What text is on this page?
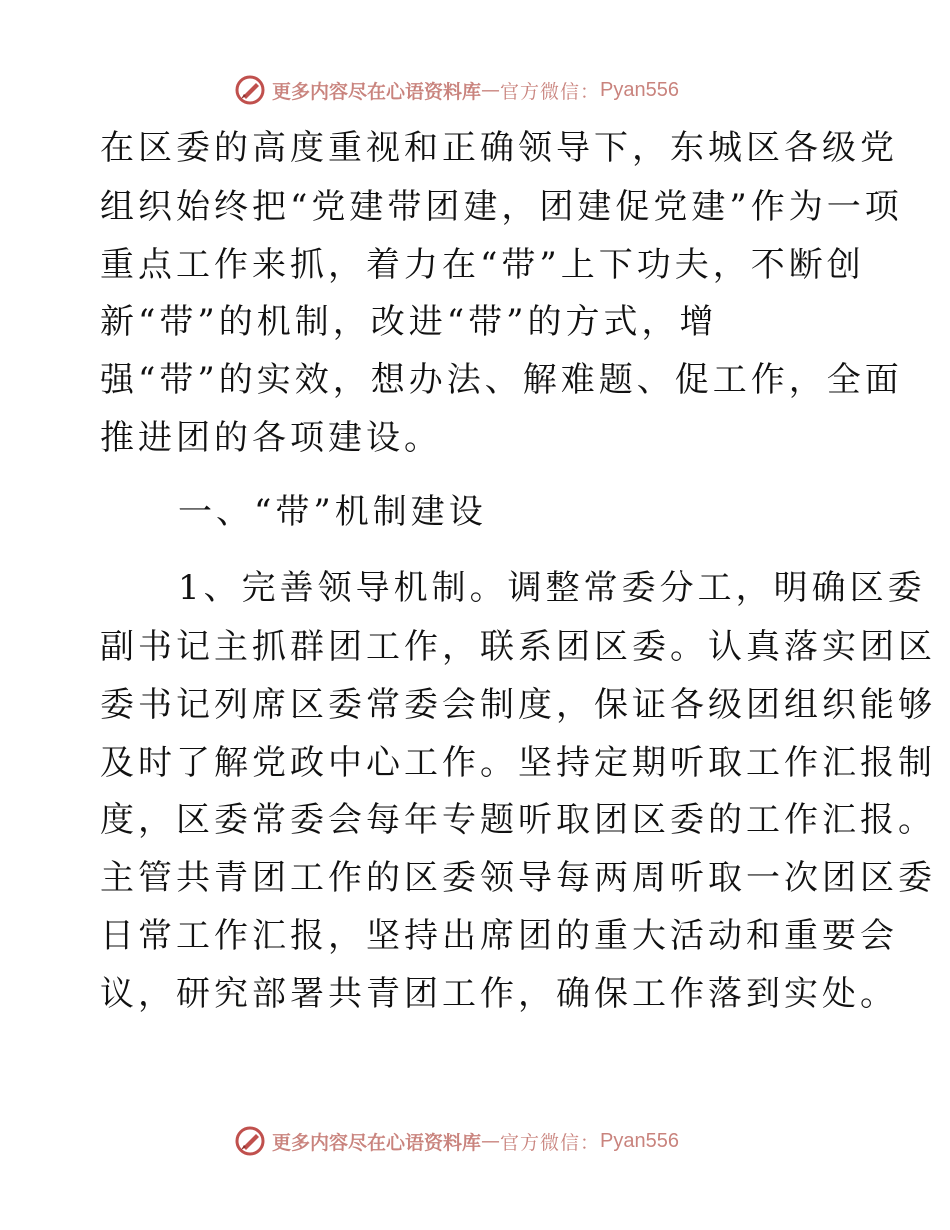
更多内容尽在心语资料库 — 官方微信： Pyan556
在区委的高度重视和正确领导下，东城区各级党
组织始终把“党建带团建，团建促党建”作为一项
重点工作来抓，着力在“带”上下功夫，不断创
新“带”的机制，改进“带”的方式，增
强“带”的实效，想办法、解难题、促工作，全面
推进团的各项建设。
一、“带”机制建设
1、完善领导机制。调整常委分工，明确区委
副书记主抓群团工作，联系团区委。认真落实团区
委书记列席区委常委会制度，保证各级团组织能够
及时了解党政中心工作。坚持定期听取工作汇报制
度，区委常委会每年专题听取团区委的工作汇报。
主管共青团工作的区委领导每两周听取一次团区委
日常工作汇报，坚持出席团的重大活动和重要会
议，研究部署共青团工作，确保工作落到实处。
更多内容尽在心语资料库 — 官方微信： Pyan556
